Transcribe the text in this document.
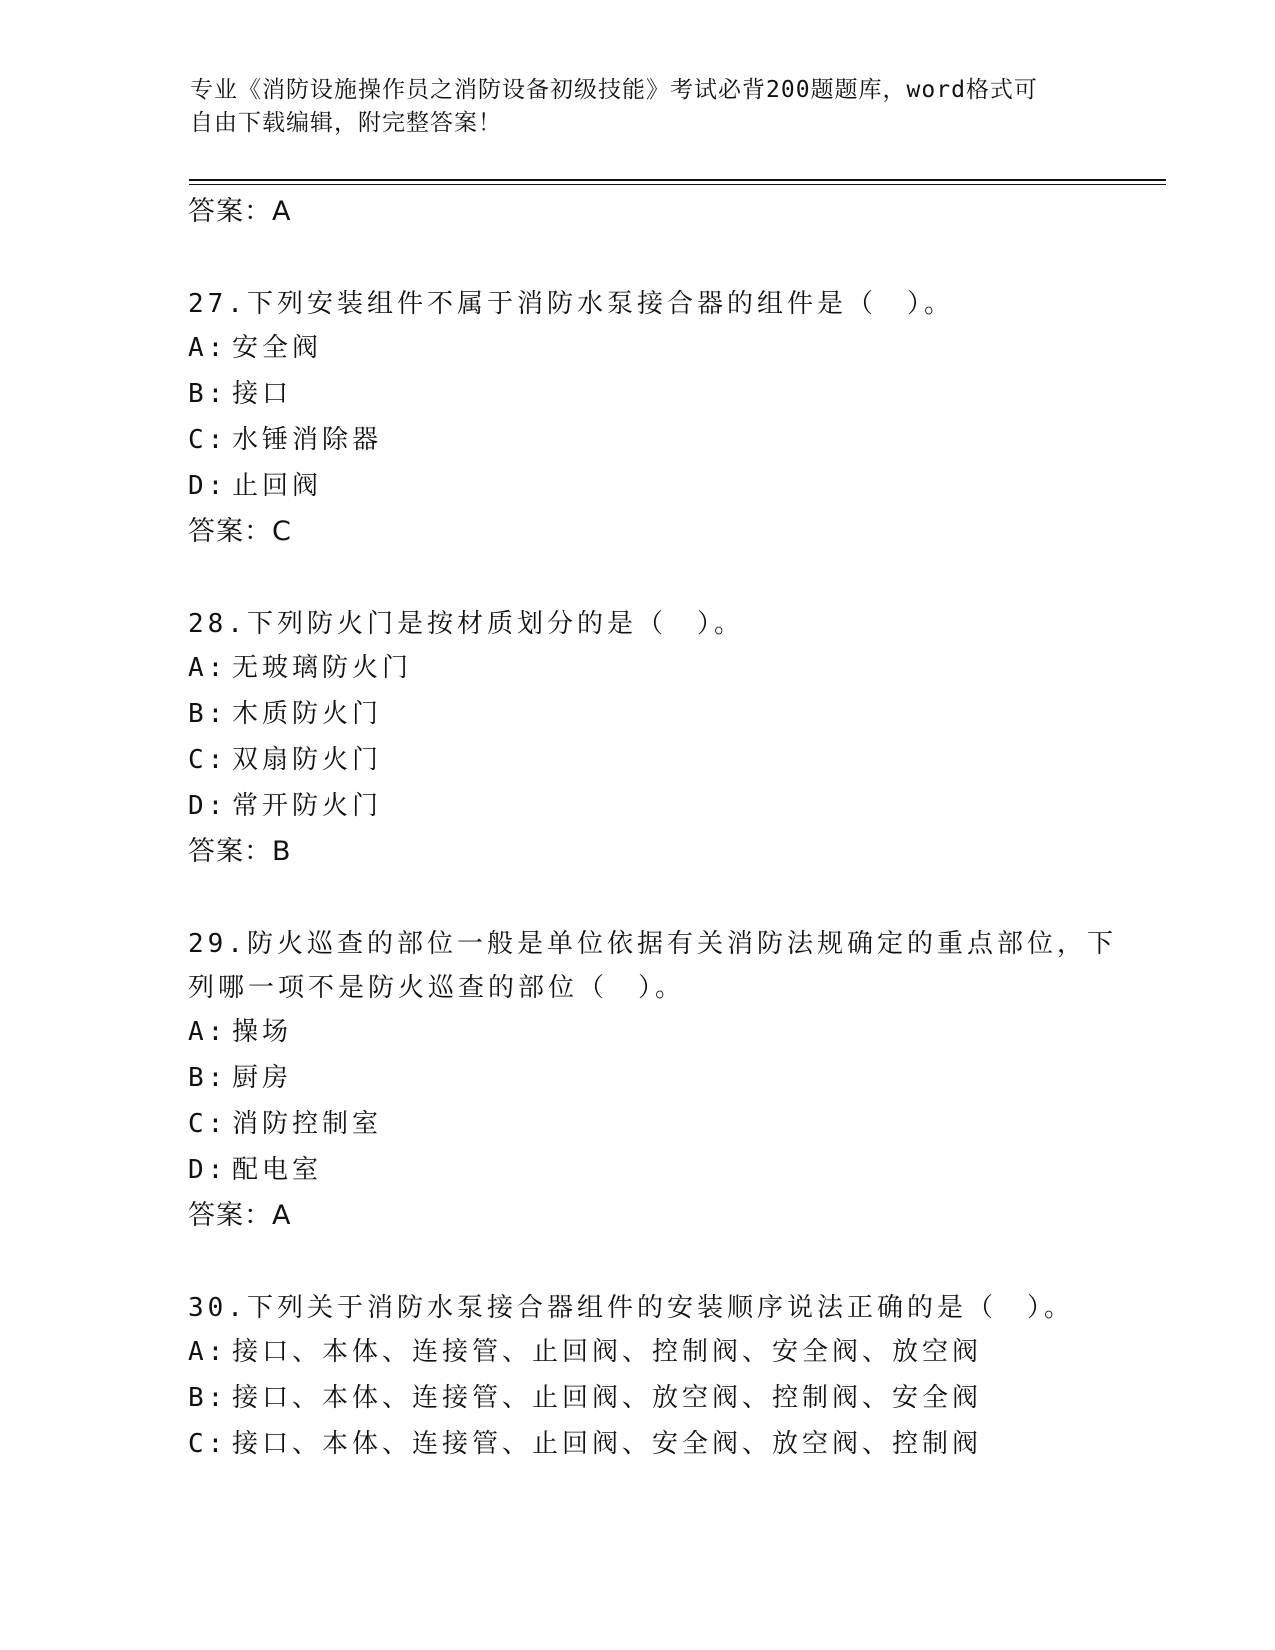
专业《消防设施操作员之消防设备初级技能》考试必背200题题库，word格式可
自由下载编辑，附完整答案！
答案：A
27.下列安装组件不属于消防水泵接合器的组件是（　）。
A: 安全阀
B: 接口
C: 水锤消除器
D: 止回阀
答案：C
28.下列防火门是按材质划分的是（　）。
A: 无玻璃防火门
B: 木质防火门
C: 双扇防火门
D: 常开防火门
答案：B
29.防火巡查的部位一般是单位依据有关消防法规确定的重点部位，下
列哪一项不是防火巡查的部位（　）。
A: 操场
B: 厨房
C: 消防控制室
D: 配电室
答案：A
30.下列关于消防水泵接合器组件的安装顺序说法正确的是（　）。
A: 接口、本体、连接管、止回阀、控制阀、安全阀、放空阀
B: 接口、本体、连接管、止回阀、放空阀、控制阀、安全阀
C: 接口、本体、连接管、止回阀、安全阀、放空阀、控制阀
